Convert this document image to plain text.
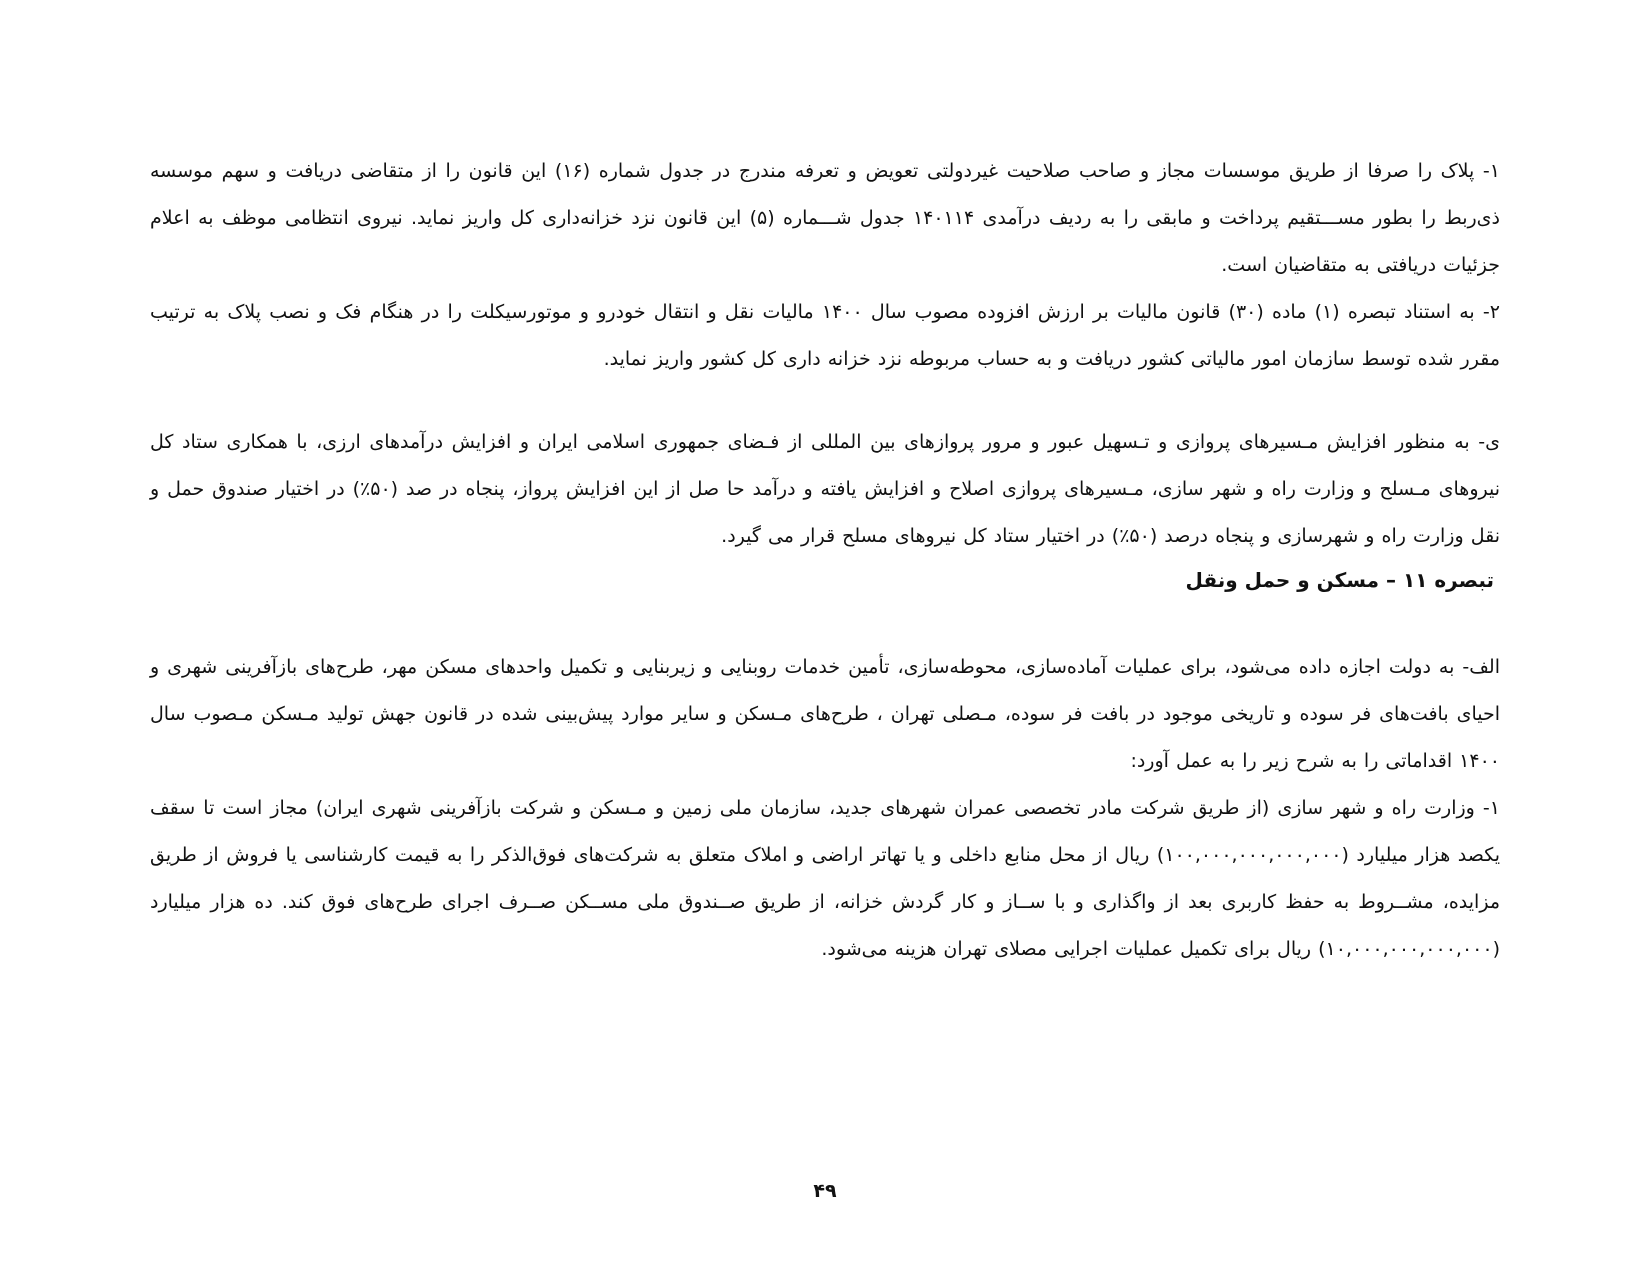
۱- پلاک را صرفا از طریق موسسات مجاز و صاحب صلاحیت غیردولتی تعویض و تعرفه مندرج در جدول شماره (۱۶) این قانون را از متقاضی دریافت و سهم موسسه ذی‌ربط را بطور مســـتقیم پرداخت و مابقی را به ردیف درآمدی ۱۴۰۱۱۴ جدول شـــماره (۵) این قانون نزد خزانه‌داری کل واریز نماید. نیروی انتظامی موظف به اعلام جزئیات دریافتی به متقاضیان است.

۲- به استناد تبصره (۱) ماده (۳۰) قانون مالیات بر ارزش افزوده مصوب سال ۱۴۰۰ مالیات نقل و انتقال خودرو و موتورسیکلت را در هنگام فک و نصب پلاک به ترتیب مقرر شده توسط سازمان امور مالیاتی کشور دریافت و به حساب مربوطه نزد خزانه داری کل کشور واریز نماید.

ی- به منظور افزایش مـسیرهای پروازی و تـسهیل عبور و مرور پروازهای بین المللی از فـضای جمهوری اسلامی ایران و افزایش درآمدهای ارزی، با همکاری ستاد کل نیروهای مـسلح و وزارت راه و شهر سازی، مـسیرهای پروازی اصلاح و افزایش یافته و درآمد حا صل از این افزایش پرواز، پنجاه در صد (۵۰٪) در اختیار صندوق حمل و نقل وزارت راه و شهرسازی و پنجاه درصد (۵۰٪) در اختیار ستاد کل نیروهای مسلح قرار می گیرد.

تبصره ۱۱ – مسکن و حمل ونقل

الف- به دولت اجازه داده می‌شود، برای عملیات آماده‌سازی، محوطه‌سازی، تأمین خدمات روبنایی و زیربنایی و تکمیل واحدهای مسکن مهر، طرح‌های بازآفرینی شهری و احیای بافت‌های فر سوده و تاریخی موجود در بافت فر سوده، مـصلی تهران ، طرح‌های مـسکن و سایر موارد پیش‌بینی شده در قانون جهش تولید مـسکن مـصوب سال ۱۴۰۰ اقداماتی را به شرح زیر را به عمل آورد:

۱- وزارت راه و شهر سازی (از طریق شرکت مادر تخصصی عمران شهرهای جدید، سازمان ملی زمین و مـسکن و شرکت بازآفرینی شهری ایران) مجاز است تا سقف یکصد هزار میلیارد (۱۰۰,۰۰۰,۰۰۰,۰۰۰,۰۰۰) ریال از محل منابع داخلی و یا تهاتر اراضی و املاک متعلق به شرکت‌های فوق‌الذکر را به قیمت کارشناسی یا فروش از طریق مزایده، مشــروط به حفظ کاربری بعد از واگذاری و با ســاز و کار گردش خزانه، از طریق صــندوق ملی مســکن صــرف اجرای طرح‌های فوق کند. ده هزار میلیارد (۱۰,۰۰۰,۰۰۰,۰۰۰,۰۰۰) ریال برای تکمیل عملیات اجرایی مصلای تهران هزینه می‌شود.

۴۹
